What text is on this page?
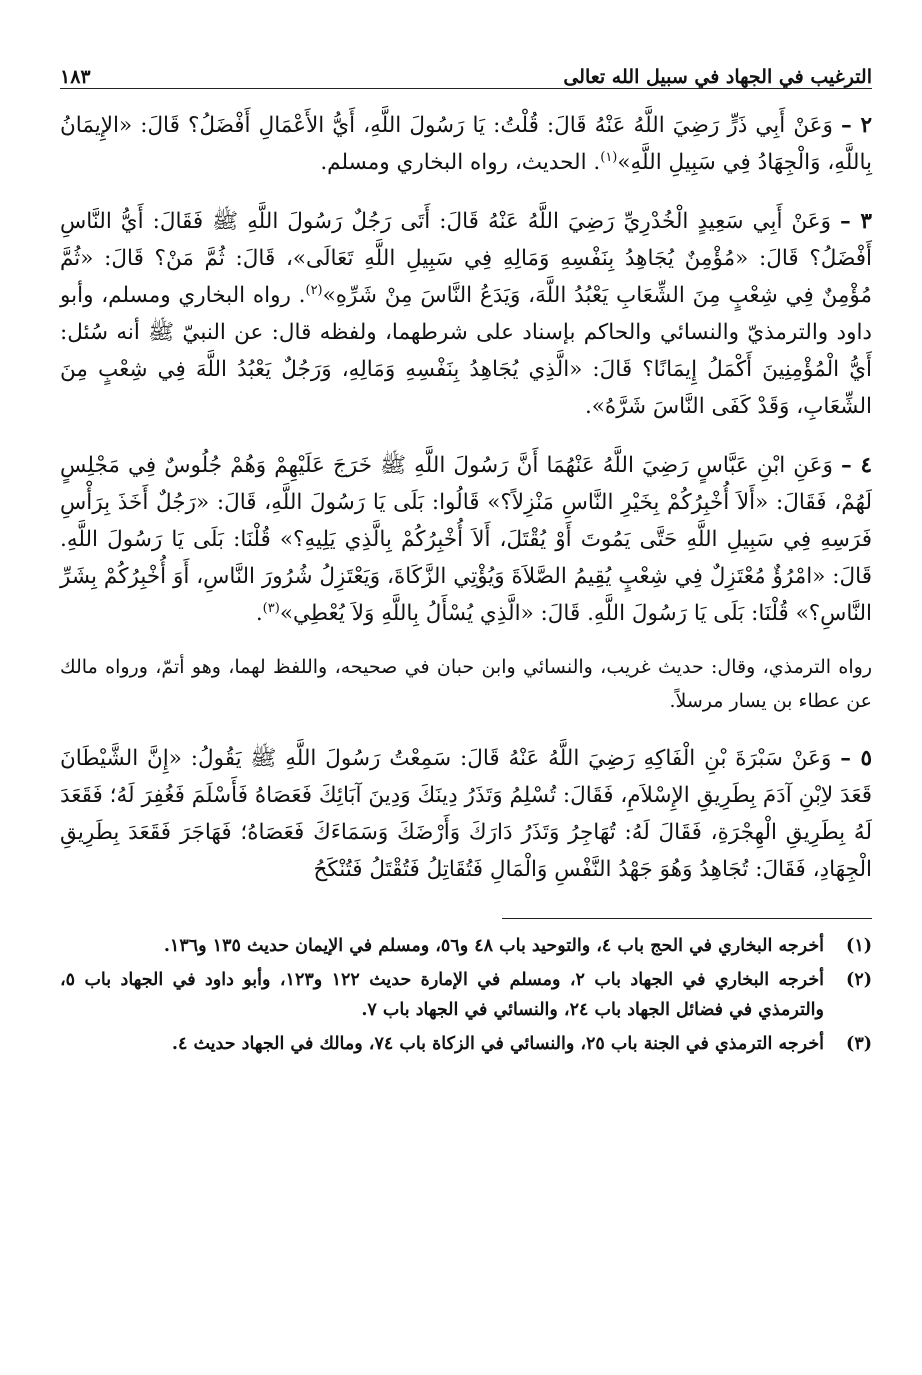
الترغيب في الجهاد في سبيل الله تعالى
١٨٣

٢ – وَعَنْ أَبِي ذَرٍّ رَضِيَ اللَّهُ عَنْهُ قَالَ: قُلْتُ: يَا رَسُولَ اللَّهِ، أَيُّ الأَعْمَالِ أَفْضَلُ؟ قَالَ: «الإِيمَانُ بِاللَّهِ، وَالْجِهَادُ فِي سَبِيلِ اللَّهِ»$^{(١)}$. الحديث، رواه البخاري ومسلم.

٣ – وَعَنْ أَبِي سَعِيدٍ الْخُدْرِيِّ رَضِيَ اللَّهُ عَنْهُ قَالَ: أَتَى رَجُلٌ رَسُولَ اللَّهِ ﷺ فَقَالَ: أَيُّ النَّاسِ أَفْضَلُ؟ قَالَ: «مُؤْمِنٌ يُجَاهِدُ بِنَفْسِهِ وَمَالِهِ فِي سَبِيلِ اللَّهِ تَعَالَى»، قَالَ: ثُمَّ مَنْ؟ قَالَ: «ثُمَّ مُؤْمِنٌ فِي شِعْبٍ مِنَ الشِّعَابِ يَعْبُدُ اللَّهَ، وَيَدَعُ النَّاسَ مِنْ شَرِّهِ»$^{(٢)}$. رواه البخاري ومسلم، وأبو داود والترمذيّ والنسائي والحاكم بإسناد على شرطهما، ولفظه قال: عن النبيّ ﷺ أنه سُئل: أَيُّ الْمُؤْمِنِينَ أَكْمَلُ إِيمَانًا؟ قَالَ: «الَّذِي يُجَاهِدُ بِنَفْسِهِ وَمَالِهِ، وَرَجُلٌ يَعْبُدُ اللَّهَ فِي شِعْبٍ مِنَ الشِّعَابِ، وَقَدْ كَفَى النَّاسَ شَرَّهُ».

٤ – وَعَنِ ابْنِ عَبَّاسٍ رَضِيَ اللَّهُ عَنْهُمَا أَنَّ رَسُولَ اللَّهِ ﷺ خَرَجَ عَلَيْهِمْ وَهُمْ جُلُوسٌ فِي مَجْلِسٍ لَهُمْ، فَقَالَ: «أَلاَ أُخْبِرُكُمْ بِخَيْرِ النَّاسِ مَنْزِلاً؟» قَالُوا: بَلَى يَا رَسُولَ اللَّهِ، قَالَ: «رَجُلٌ أَخَذَ بِرَأْسِ فَرَسِهِ فِي سَبِيلِ اللَّهِ حَتَّى يَمُوتَ أَوْ يُقْتَلَ، أَلاَ أُخْبِرُكُمْ بِالَّذِي يَلِيهِ؟» قُلْنَا: بَلَى يَا رَسُولَ اللَّهِ. قَالَ: «امْرُؤٌ مُعْتَزِلٌ فِي شِعْبٍ يُقِيمُ الصَّلاَةَ وَيُؤْتِي الزَّكَاةَ، وَيَعْتَزِلُ شُرُورَ النَّاسِ، أَوَ أُخْبِرُكُمْ بِشَرِّ النَّاسِ؟» قُلْنَا: بَلَى يَا رَسُولَ اللَّهِ. قَالَ: «الَّذِي يُسْأَلُ بِاللَّهِ وَلاَ يُعْطِي»$^{(٣)}$.

رواه الترمذي، وقال: حديث غريب، والنسائي وابن حبان في صحيحه، واللفظ لهما، وهو أتمّ، ورواه مالك عن عطاء بن يسار مرسلاً.

٥ – وَعَنْ سَبْرَةَ بْنِ الْفَاكِهِ رَضِيَ اللَّهُ عَنْهُ قَالَ: سَمِعْتُ رَسُولَ اللَّهِ ﷺ يَقُولُ: «إِنَّ الشَّيْطَانَ قَعَدَ لاِبْنِ آدَمَ بِطَرِيقِ الإِسْلاَمِ، فَقَالَ: تُسْلِمُ وَتَذَرُ دِينَكَ وَدِينَ آبَائِكَ فَعَصَاهُ فَأَسْلَمَ فَغُفِرَ لَهُ؛ فَقَعَدَ لَهُ بِطَرِيقِ الْهِجْرَةِ، فَقَالَ لَهُ: تُهَاجِرُ وَتَذَرُ دَارَكَ وَأَرْضَكَ وَسَمَاءَكَ فَعَصَاهُ؛ فَهَاجَرَ فَقَعَدَ بِطَرِيقِ الْجِهَادِ، فَقَالَ: تُجَاهِدُ وَهُوَ جَهْدُ النَّفْسِ وَالْمَالِ فَتُقَاتِلُ فَتُقْتَلُ فَتُنْكَحُ

(١)
أخرجه البخاري في الحج باب ٤، والتوحيد باب ٤٨ و٥٦، ومسلم في الإيمان حديث ١٣٥ و١٣٦.
(٢)
أخرجه البخاري في الجهاد باب ٢، ومسلم في الإمارة حديث ١٢٢ و١٢٣، وأبو داود في الجهاد باب ٥، والترمذي في فضائل الجهاد باب ٢٤، والنسائي في الجهاد باب ٧.
(٣)
أخرجه الترمذي في الجنة باب ٢٥، والنسائي في الزكاة باب ٧٤، ومالك في الجهاد حديث ٤.
